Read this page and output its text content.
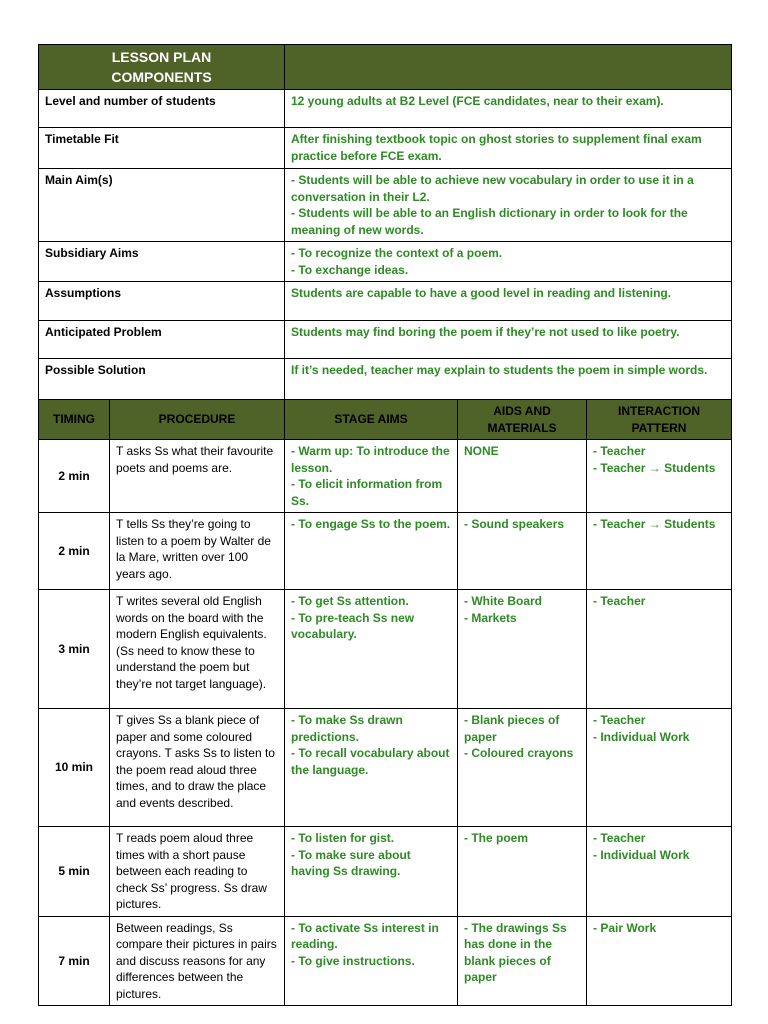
LESSON PLAN
COMPONENTS				

Level and number of students		12 young adults at B2 Level (FCE candidates, near to their exam).		

Timetable Fit		After finishing textbook topic on ghost stories to supplement final exam practice before FCE exam.		

Main Aim(s)		- Students will be able to achieve new vocabulary in order to use it in a conversation in their L2.
- Students will be able to an English dictionary in order to look for the meaning of new words.		

Subsidiary Aims		- To recognize the context of a poem.
- To exchange ideas.		

Assumptions		Students are capable to have a good level in reading and listening.		

Anticipated Problem		Students may find boring the poem if they’re not used to like poetry.		

Possible Solution		If it’s needed, teacher may explain to students the poem in simple words.		

TIMING	PROCEDURE	STAGE AIMS	AIDS AND MATERIALS	INTERACTION PATTERN
2 min	T asks Ss what their favourite poets and poems are.	- Warm up: To introduce the lesson.
- To elicit information from Ss.	NONE	- Teacher
- Teacher → Students

2 min	T tells Ss they’re going to listen to a poem by Walter de la Mare, written over 100 years ago.	- To engage Ss to the poem.	- Sound speakers	- Teacher → Students

3 min	T writes several old English words on the board with the modern English equivalents. (Ss need to know these to understand the poem but they’re not target language).	- To get Ss attention.
- To pre-teach Ss new vocabulary.	- White Board
- Markets	- Teacher

10 min	T gives Ss a blank piece of paper and some coloured crayons. T asks Ss to listen to the poem read aloud three times, and to draw the place and events described.	- To make Ss drawn predictions.
- To recall vocabulary about the language.	- Blank pieces of paper
- Coloured crayons	- Teacher
- Individual Work

5 min	T reads poem aloud three times with a short pause between each reading to check Ss’ progress. Ss draw pictures.	- To listen for gist.
- To make sure about having Ss drawing.	- The poem	- Teacher
- Individual Work

7 min	Between readings, Ss compare their pictures in pairs and discuss reasons for any differences between the pictures.	- To activate Ss interest in reading.
- To give instructions.	- The drawings Ss has done in the blank pieces of paper	- Pair Work
